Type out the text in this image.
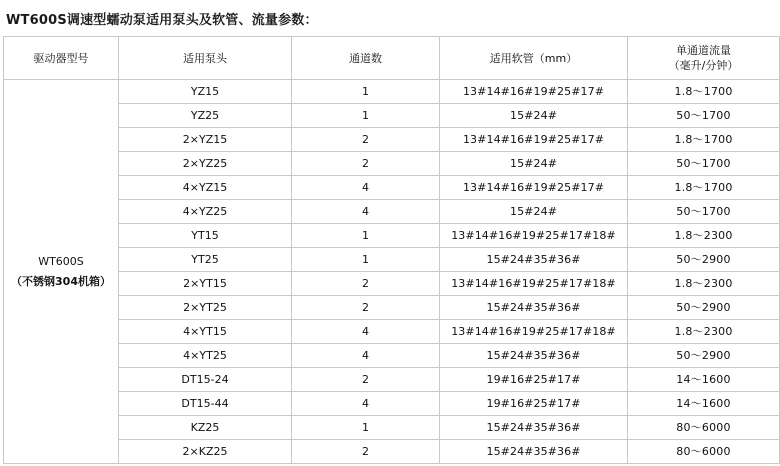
WT600S调速型蠕动泵适用泵头及软管、流量参数：
驱动器型号	适用泵头	通道数	适用软管（mm）	单通道流量
（毫升/分钟）

WT600S
（不锈钢304机箱）	YZ15	1	13#14#16#19#25#17#	1.8～1700
	YZ25	1	15#24#	50～1700
	2×YZ15	2	13#14#16#19#25#17#	1.8～1700
	2×YZ25	2	15#24#	50～1700
	4×YZ15	4	13#14#16#19#25#17#	1.8～1700
	4×YZ25	4	15#24#	50～1700
	YT15	1	13#14#16#19#25#17#18#	1.8～2300
	YT25	1	15#24#35#36#	50～2900
	2×YT15	2	13#14#16#19#25#17#18#	1.8～2300
	2×YT25	2	15#24#35#36#	50～2900
	4×YT15	4	13#14#16#19#25#17#18#	1.8～2300
	4×YT25	4	15#24#35#36#	50～2900
	DT15-24	2	19#16#25#17#	14～1600
	DT15-44	4	19#16#25#17#	14～1600
	KZ25	1	15#24#35#36#	80～6000
	2×KZ25	2	15#24#35#36#	80～6000
